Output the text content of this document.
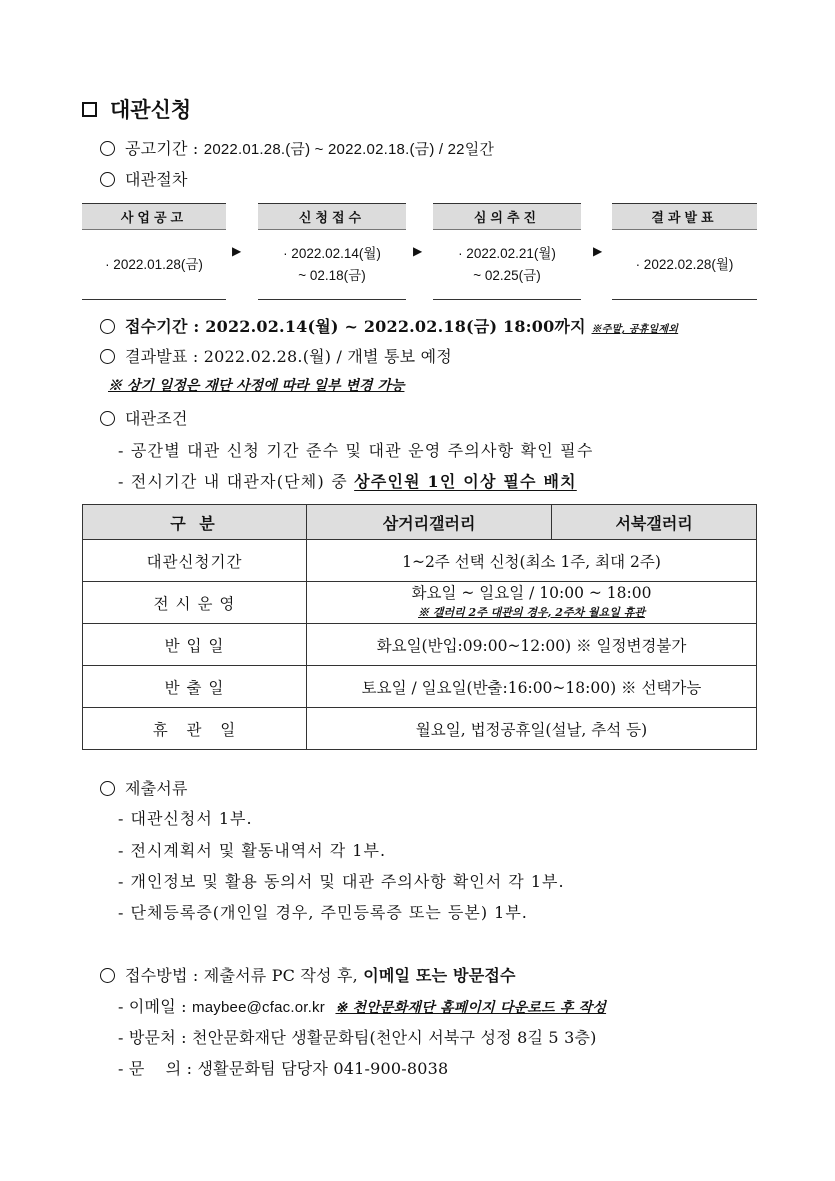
대관신청
공고기간 : 2022.01.28.(금) ~ 2022.02.18.(금) / 22일간
대관절차
사업공고
· 2022.01.28(금)
▶
신청접수
· 2022.02.14(월)
~ 02.18(금)
▶
심의추진
· 2022.02.21(월)
~ 02.25(금)
▶
결과발표
· 2022.02.28(월)
접수기간 : 2022.02.14(월) ~ 2022.02.18(금) 18:00까지 ※주말, 공휴일제외
결과발표 : 2022.02.28.(월) / 개별 통보 예정
※ 상기 일정은 재단 사정에 따라 일부 변경 가능
대관조건
- 공간별 대관 신청 기간 준수 및 대관 운영 주의사항 확인 필수
- 전시기간 내 대관자(단체) 중 상주인원 1인 이상 필수 배치
구 분	삼거리갤러리	서북갤러리
대관신청기간	1~2주 선택 신청(최소 1주, 최대 2주)	
전 시 운 영	화요일 ~ 일요일 / 10:00 ~ 18:00
※ 갤러리 2주 대관의 경우, 2주차 월요일 휴관	

반 입 일	화요일(반입:09:00~12:00) ※ 일정변경불가	
반 출 일	토요일 / 일요일(반출:16:00~18:00) ※ 선택가능	
휴   관   일	월요일, 법정공휴일(설날, 추석 등)	
제출서류
- 대관신청서 1부.
- 전시계획서 및 활동내역서 각 1부.
- 개인정보 및 활용 동의서 및 대관 주의사항 확인서 각 1부.
- 단체등록증(개인일 경우, 주민등록증 또는 등본) 1부.
접수방법 : 제출서류 PC 작성 후, 이메일 또는 방문접수
- 이메일 : maybee@cfac.or.kr ※ 천안문화재단 홈페이지 다운로드 후 작성
- 방문처 : 천안문화재단 생활문화팀(천안시 서북구 성정 8길 5 3층)
- 문    의 : 생활문화팀 담당자 041-900-8038
